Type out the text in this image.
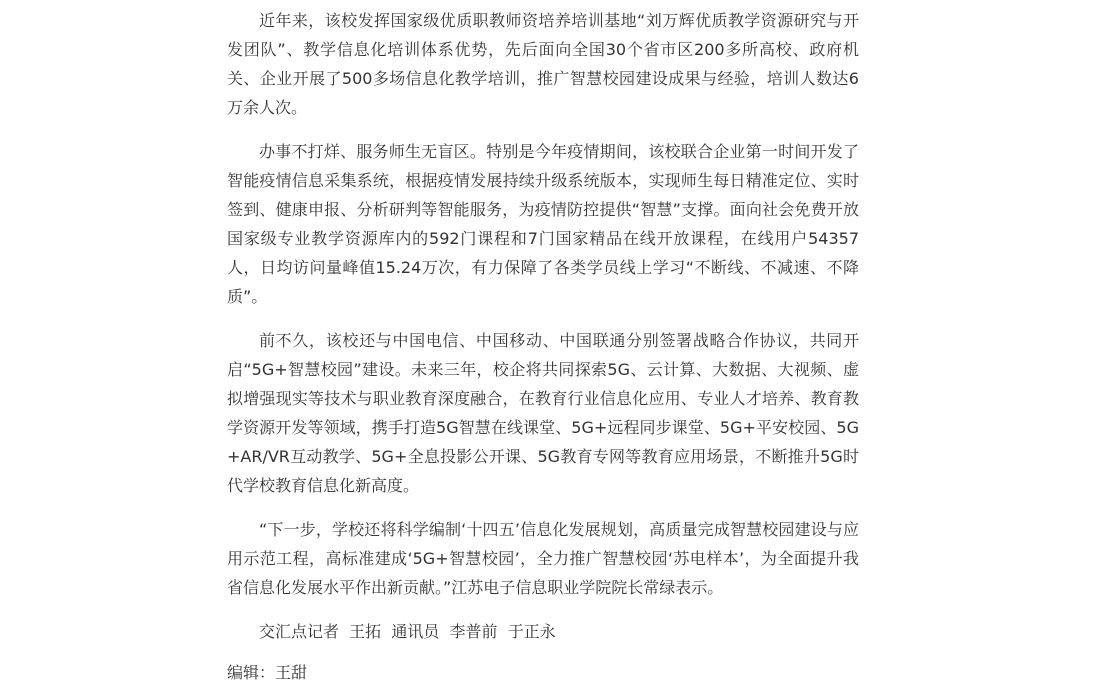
近年来，该校发挥国家级优质职教师资培养培训基地“刘万辉优质教学资源研究与开发团队”、教学信息化培训体系优势，先后面向全国30个省市区200多所高校、政府机关、企业开展了500多场信息化教学培训，推广智慧校园建设成果与经验，培训人数达6万余人次。

办事不打烊、服务师生无盲区。特别是今年疫情期间，该校联合企业第一时间开发了智能疫情信息采集系统，根据疫情发展持续升级系统版本，实现师生每日精准定位、实时签到、健康申报、分析研判等智能服务，为疫情防控提供“智慧”支撑。面向社会免费开放国家级专业教学资源库内的592门课程和7门国家精品在线开放课程，在线用户54357人，日均访问量峰值15.24万次，有力保障了各类学员线上学习“不断线、不减速、不降质”。

前不久，该校还与中国电信、中国移动、中国联通分别签署战略合作协议，共同开启“5G+智慧校园”建设。未来三年，校企将共同探索5G、云计算、大数据、大视频、虚拟增强现实等技术与职业教育深度融合，在教育行业信息化应用、专业人才培养、教育教学资源开发等领域，携手打造5G智慧在线课堂、5G+远程同步课堂、5G+平安校园、5G+AR/VR互动教学、5G+全息投影公开课、5G教育专网等教育应用场景，不断推升5G时代学校教育信息化新高度。

“下一步，学校还将科学编制‘十四五’信息化发展规划，高质量完成智慧校园建设与应用示范工程，高标准建成‘5G+智慧校园’，全力推广智慧校园‘苏电样本’，为全面提升我省信息化发展水平作出新贡献。”江苏电子信息职业学院院长常绿表示。

交汇点记者  王拓  通讯员  李普前  于正永

编辑：王甜
